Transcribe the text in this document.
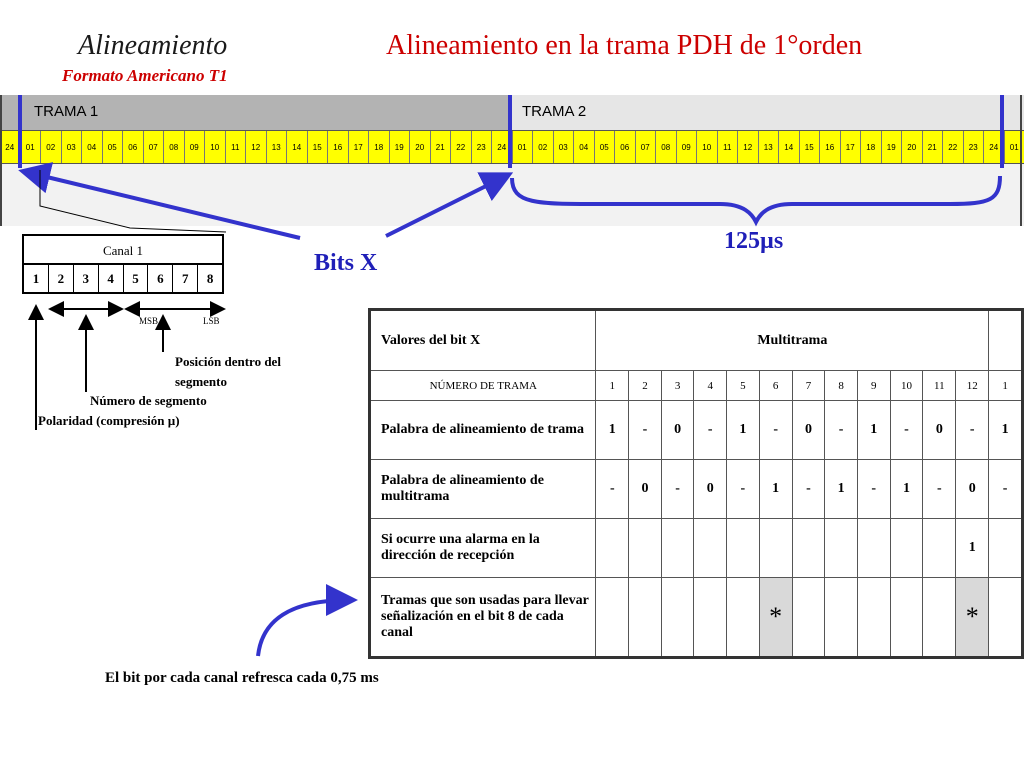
Alineamiento
Formato Americano T1
Alineamiento en la trama PDH de 1°orden
TRAMA 1	TRAMA 2
24	01	02	03	04	05	06	07	08	09	10	11	12	13	14	15	16	17	18	19	20	21	22	23	24	01	02	03	04	05	06	07	08	09	10	11	12	13	14	15	16	17	18	19	20	21	22	23	24	01
Canal 1
1	2	3	4	5	6	7	8
MSB	LSB
Posición dentro del segmento
Número de segmento
Polaridad (compresión µ)
Bits X
125µs
Valores del bit X	Multitrama												
NÚMERO DE TRAMA	1	2	3	4	5	6	7	8	9	10	11	12	1
Palabra de alineamiento de trama	1	-	0	-	1	-	0	-	1	-	0	-	1
Palabra de alineamiento de multitrama	-	0	-	0	-	1	-	1	-	1	-	0	-
Si ocurre una alarma en la dirección de recepción												1	
Tramas que son usadas para llevar señalización en el bit 8 de cada canal						*						*	
El bit por cada canal refresca cada 0,75 ms
